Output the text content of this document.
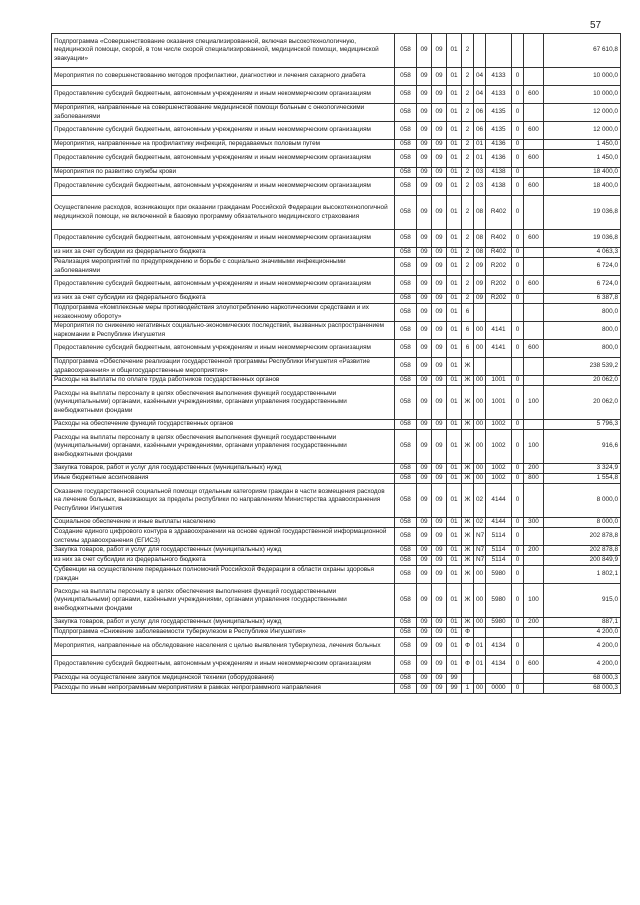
57
Подпрограмма «Совершенствование оказания специализированной, включая высокотехнологичную, медицинской помощи, скорой, в том числе скорой специализированной, медицинской помощи, медицинской эвакуации»	058	09	09	01	2					67 610,8
Мероприятия по совершенствованию методов профилактики, диагностики и лечения сахарного диабета	058	09	09	01	2	04	4133	0		10 000,0
Предоставление субсидий бюджетным, автономным учреждениям и иным некоммерческим организациям	058	09	09	01	2	04	4133	0	600	10 000,0
Мероприятия, направленные на совершенствование медицинской помощи больным с онкологическими заболеваниями	058	09	09	01	2	06	4135	0		12 000,0
Предоставление субсидий бюджетным, автономным учреждениям и иным некоммерческим организациям	058	09	09	01	2	06	4135	0	600	12 000,0
Мероприятия, направленные на профилактику инфекций, передаваемых половым путем	058	09	09	01	2	01	4136	0		1 450,0
Предоставление субсидий бюджетным, автономным учреждениям и иным некоммерческим организациям	058	09	09	01	2	01	4136	0	600	1 450,0
Мероприятия по развитию службы крови	058	09	09	01	2	03	4138	0		18 400,0
Предоставление субсидий бюджетным, автономным учреждениям и иным некоммерческим организациям	058	09	09	01	2	03	4138	0	600	18 400,0
Осуществление расходов, возникающих при оказании гражданам Российской Федерации высокотехнологичной медицинской помощи, не включенной в базовую программу обязательного медицинского страхования	058	09	09	01	2	08	R402	0		19 036,8
Предоставление субсидий бюджетным, автономным учреждениям и иным некоммерческим организациям	058	09	09	01	2	08	R402	0	600	19 036,8
из них за счет субсидии из федерального бюджета	058	09	09	01	2	08	R402	0		4 063,3
Реализация мероприятий по предупреждению и борьбе с социально значимыми инфекционными заболеваниями	058	09	09	01	2	09	R202	0		6 724,0
Предоставление субсидий бюджетным, автономным учреждениям и иным некоммерческим организациям	058	09	09	01	2	09	R202	0	600	6 724,0
из них за счет субсидии из федерального бюджета	058	09	09	01	2	09	R202	0		6 387,8
Подпрограмма «Комплексные меры противодействия злоупотреблению наркотическими средствами и их незаконному обороту»	058	09	09	01	6					800,0
Мероприятия по снижению негативных социально-экономических последствий, вызванных распространением наркомании в Республике Ингушетия	058	09	09	01	6	00	4141	0		800,0
Предоставление субсидий бюджетным, автономным учреждениям и иным некоммерческим организациям	058	09	09	01	6	00	4141	0	600	800,0
Подпрограмма «Обеспечение реализации государственной программы Республики Ингушетия «Развитие здравоохранения» и общегосударственные мероприятия»	058	09	09	01	Ж					238 539,2
Расходы на выплаты по оплате труда работников государственных органов	058	09	09	01	Ж	00	1001	0		20 062,0
Расходы на выплаты персоналу в целях обеспечения выполнения функций государственными (муниципальными) органами, казёнными учреждениями, органами управления государственными внебюджетными фондами	058	09	09	01	Ж	00	1001	0	100	20 062,0
Расходы на обеспечение функций государственных органов	058	09	09	01	Ж	00	1002	0		5 796,3
Расходы на выплаты персоналу в целях обеспечения выполнения функций государственными (муниципальными) органами, казёнными учреждениями, органами управления государственными внебюджетными фондами	058	09	09	01	Ж	00	1002	0	100	916,6
Закупка товаров, работ и услуг для государственных (муниципальных) нужд	058	09	09	01	Ж	00	1002	0	200	3 324,9
Иные бюджетные ассигнования	058	09	09	01	Ж	00	1002	0	800	1 554,8
Оказание государственной социальной помощи отдельным категориям граждан в части возмещения расходов на лечение больных, выезжающих за пределы республики по направлениям Министерства здравоохранения Республики Ингушетия	058	09	09	01	Ж	02	4144	0		8 000,0
Социальное обеспечение и иные выплаты населению	058	09	09	01	Ж	02	4144	0	300	8 000,0
Создание единого цифрового контура в здравоохранении на основе единой государственной информационной системы здравоохранения (ЕГИСЗ)	058	09	09	01	Ж	N7	5114	0		202 878,8
Закупка товаров, работ и услуг для государственных (муниципальных) нужд	058	09	09	01	Ж	N7	5114	0	200	202 878,8
из них за счет субсидии из федерального бюджета	058	09	09	01	Ж	N7	5114	0		200 849,9
Субвенции на осуществление переданных полномочий Российской Федерации в области охраны здоровья граждан	058	09	09	01	Ж	00	5980	0		1 802,1
Расходы на выплаты персоналу в целях обеспечения выполнения функций государственными (муниципальными) органами, казёнными учреждениями, органами управления государственными внебюджетными фондами	058	09	09	01	Ж	00	5980	0	100	915,0
Закупка товаров, работ и услуг для государственных (муниципальных) нужд	058	09	09	01	Ж	00	5980	0	200	887,1
Подпрограмма «Снижение заболеваемости туберкулезом в Республике Ингушетия»	058	09	09	01	Ф					4 200,0
Мероприятия, направленные на обследование населения с целью выявления туберкулеза, лечения больных	058	09	09	01	Ф	01	4134	0		4 200,0
Предоставление субсидий бюджетным, автономным учреждениям и иным некоммерческим организациям	058	09	09	01	Ф	01	4134	0	600	4 200,0
Расходы на осуществление закупок медицинской техники (оборудования)	058	09	09	99						68 000,3
Расходы по иным непрограммным мероприятиям в рамках непрограммного направления	058	09	09	99	1	00	0000	0		68 000,3
